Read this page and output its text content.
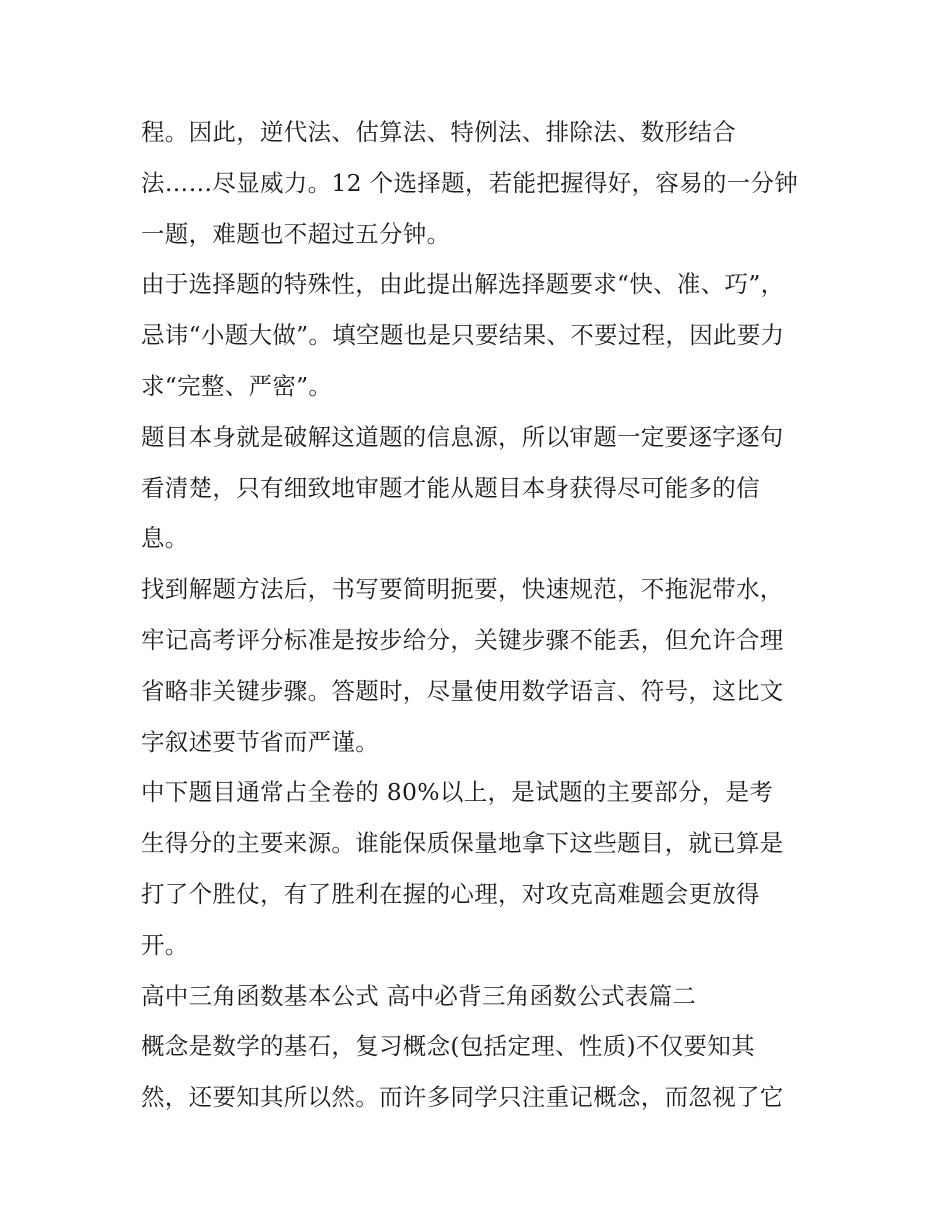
程。因此，逆代法、估算法、特例法、排除法、数形结合
法……尽显威力。12 个选择题，若能把握得好，容易的一分钟
一题，难题也不超过五分钟。
由于选择题的特殊性，由此提出解选择题要求“快、准、巧”，
忌讳“小题大做”。填空题也是只要结果、不要过程，因此要力
求“完整、严密”。
题目本身就是破解这道题的信息源，所以审题一定要逐字逐句
看清楚，只有细致地审题才能从题目本身获得尽可能多的信
息。
找到解题方法后，书写要简明扼要，快速规范，不拖泥带水，
牢记高考评分标准是按步给分，关键步骤不能丢，但允许合理
省略非关键步骤。答题时，尽量使用数学语言、符号，这比文
字叙述要节省而严谨。
中下题目通常占全卷的 80%以上，是试题的主要部分，是考
生得分的主要来源。谁能保质保量地拿下这些题目，就已算是
打了个胜仗，有了胜利在握的心理，对攻克高难题会更放得
开。
高中三角函数基本公式 高中必背三角函数公式表篇二
概念是数学的基石，复习概念(包括定理、性质)不仅要知其
然，还要知其所以然。而许多同学只注重记概念，而忽视了它
